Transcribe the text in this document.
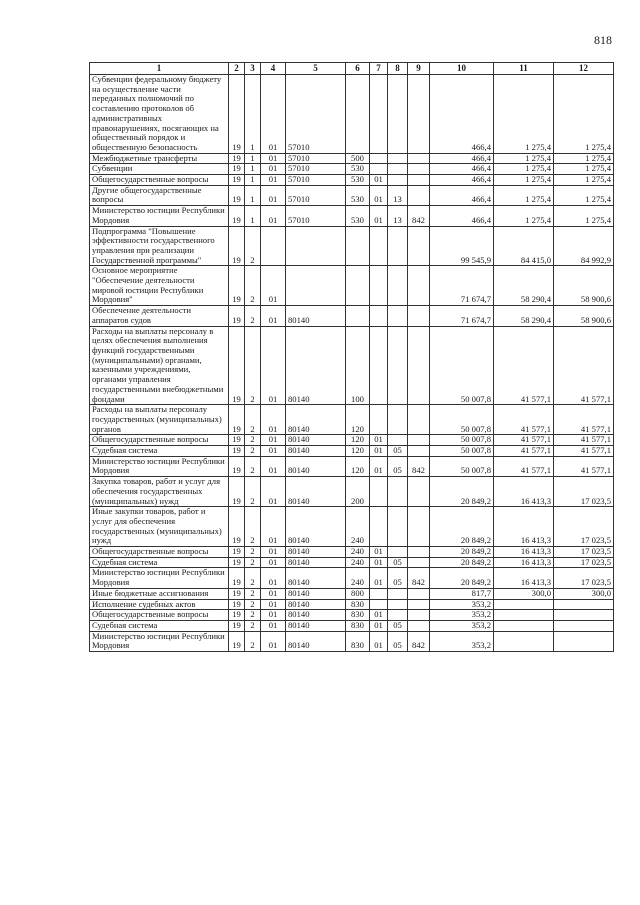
818
1	2	3	4	5	6	7	8	9	10	11	12
Субвенции федеральному бюджету на осуществление части переданных полномочий по составлению протоколов об административных правонарушениях, посягающих на общественный порядок и общественную безопасность	19	1	01	57010					466,4	1 275,4	1 275,4
Межбюджетные трансферты	19	1	01	57010	500				466,4	1 275,4	1 275,4
Субвенции	19	1	01	57010	530				466,4	1 275,4	1 275,4
Общегосударственные вопросы	19	1	01	57010	530	01			466,4	1 275,4	1 275,4
Другие общегосударственные вопросы	19	1	01	57010	530	01	13		466,4	1 275,4	1 275,4
Министерство юстиции Республики Мордовия	19	1	01	57010	530	01	13	842	466,4	1 275,4	1 275,4
Подпрограмма "Повышение эффективности государственного управления при реализации Государственной программы"	19	2							99 545,9	84 415,0	84 992,9
Основное мероприятие "Обеспечение деятельности мировой юстиции Республики Мордовия"	19	2	01						71 674,7	58 290,4	58 900,6
Обеспечение деятельности аппаратов судов	19	2	01	80140					71 674,7	58 290,4	58 900,6
Расходы на выплаты персоналу в целях обеспечения выполнения функций государственными (муниципальными) органами, казенными учреждениями, органами управления государственными внебюджетными фондами	19	2	01	80140	100				50 007,8	41 577,1	41 577,1
Расходы на выплаты персоналу государственных (муниципальных) органов	19	2	01	80140	120				50 007,8	41 577,1	41 577,1
Общегосударственные вопросы	19	2	01	80140	120	01			50 007,8	41 577,1	41 577,1
Судебная система	19	2	01	80140	120	01	05		50 007,8	41 577,1	41 577,1
Министерство юстиции Республики Мордовия	19	2	01	80140	120	01	05	842	50 007,8	41 577,1	41 577,1
Закупка товаров, работ и услуг для обеспечения государственных (муниципальных) нужд	19	2	01	80140	200				20 849,2	16 413,3	17 023,5
Иные закупки товаров, работ и услуг для обеспечения государственных (муниципальных) нужд	19	2	01	80140	240				20 849,2	16 413,3	17 023,5
Общегосударственные вопросы	19	2	01	80140	240	01			20 849,2	16 413,3	17 023,5
Судебная система	19	2	01	80140	240	01	05		20 849,2	16 413,3	17 023,5
Министерство юстиции Республики Мордовия	19	2	01	80140	240	01	05	842	20 849,2	16 413,3	17 023,5
Иные бюджетные ассигнования	19	2	01	80140	800				817,7	300,0	300,0
Исполнение судебных актов	19	2	01	80140	830				353,2		
Общегосударственные вопросы	19	2	01	80140	830	01			353,2		
Судебная система	19	2	01	80140	830	01	05		353,2		
Министерство юстиции Республики Мордовия	19	2	01	80140	830	01	05	842	353,2		
